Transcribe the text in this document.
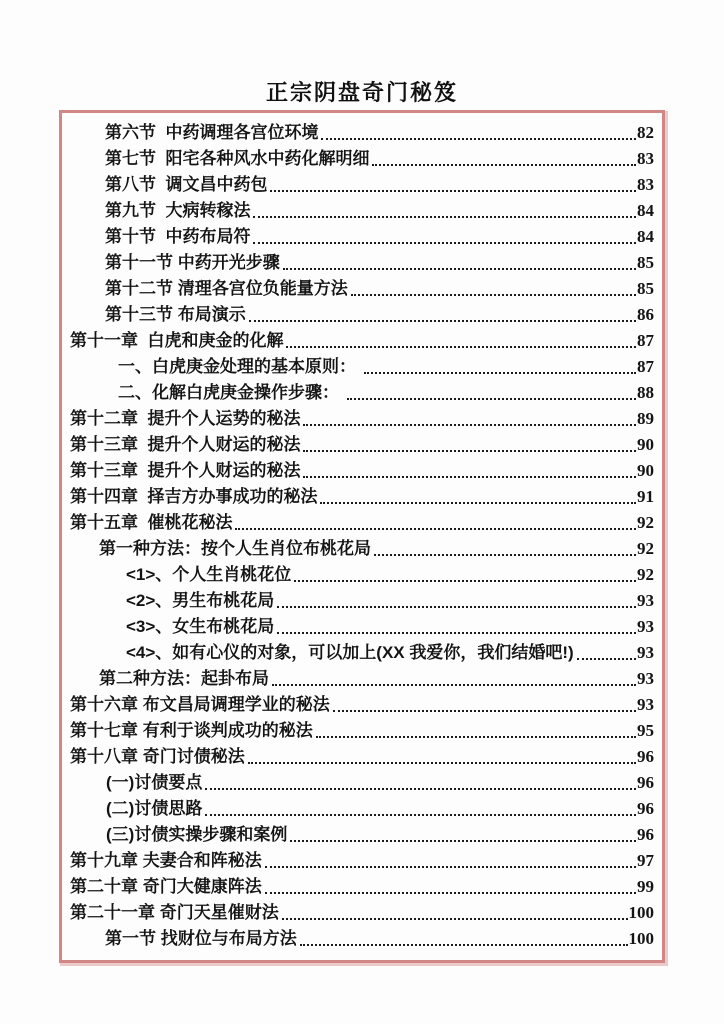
正宗阴盘奇门秘笈
第六节  中药调理各宫位环境	82
第七节  阳宅各种风水中药化解明细	83
第八节  调文昌中药包	83
第九节  大病转稼法	84
第十节  中药布局符	84
第十一节 中药开光步骤	85
第十二节 清理各宫位负能量方法	85
第十三节 布局演示	86
第十一章  白虎和庚金的化解	87
一、白虎庚金处理的基本原则：	87
二、化解白虎庚金操作步骤：	88
第十二章  提升个人运势的秘法	89
第十三章  提升个人财运的秘法	90
第十三章  提升个人财运的秘法	90
第十四章  择吉方办事成功的秘法	91
第十五章  催桃花秘法	92
第一种方法：按个人生肖位布桃花局	92
<1>、个人生肖桃花位	92
<2>、男生布桃花局	93
<3>、女生布桃花局	93
<4>、如有心仪的对象，可以加上(XX 我爱你，我们结婚吧!)	93
第二种方法：起卦布局	93
第十六章 布文昌局调理学业的秘法	93
第十七章 有利于谈判成功的秘法	95
第十八章 奇门讨债秘法	96
(一)讨债要点	96
(二)讨债思路	96
(三)讨债实操步骤和案例	96
第十九章 夫妻合和阵秘法	97
第二十章 奇门大健康阵法	99
第二十一章 奇门天星催财法	100
第一节 找财位与布局方法	100
